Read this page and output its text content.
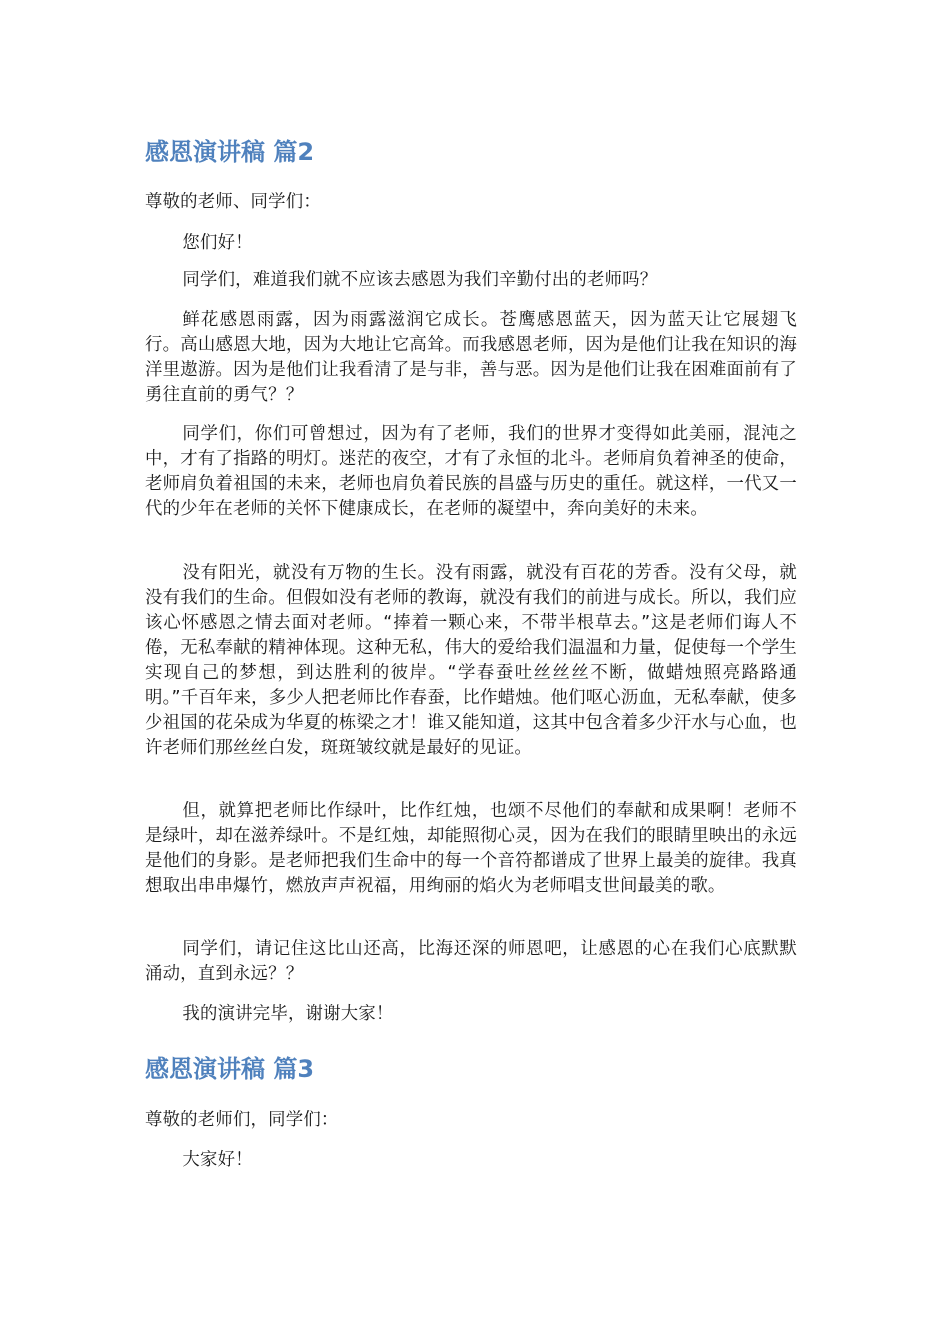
感恩演讲稿 篇2

尊敬的老师、同学们：

您们好！

同学们，难道我们就不应该去感恩为我们辛勤付出的老师吗？

鲜花感恩雨露，因为雨露滋润它成长。苍鹰感恩蓝天，因为蓝天让它展翅飞行。高山感恩大地，因为大地让它高耸。而我感恩老师，因为是他们让我在知识的海洋里遨游。因为是他们让我看清了是与非，善与恶。因为是他们让我在困难面前有了勇往直前的勇气？？

同学们，你们可曾想过，因为有了老师，我们的世界才变得如此美丽，混沌之中，才有了指路的明灯。迷茫的夜空，才有了永恒的北斗。老师肩负着神圣的使命，老师肩负着祖国的未来，老师也肩负着民族的昌盛与历史的重任。就这样，一代又一代的少年在老师的关怀下健康成长，在老师的凝望中，奔向美好的未来。

没有阳光，就没有万物的生长。没有雨露，就没有百花的芳香。没有父母，就没有我们的生命。但假如没有老师的教诲，就没有我们的前进与成长。所以，我们应该心怀感恩之情去面对老师。“捧着一颗心来，不带半根草去。”这是老师们诲人不倦，无私奉献的精神体现。这种无私，伟大的爱给我们温温和力量，促使每一个学生实现自己的梦想，到达胜利的彼岸。“学春蚕吐丝丝丝不断，做蜡烛照亮路路通明。”千百年来，多少人把老师比作春蚕，比作蜡烛。他们呕心沥血，无私奉献，使多少祖国的花朵成为华夏的栋梁之才！谁又能知道，这其中包含着多少汗水与心血，也许老师们那丝丝白发，斑斑皱纹就是最好的见证。

但，就算把老师比作绿叶，比作红烛，也颂不尽他们的奉献和成果啊！老师不是绿叶，却在滋养绿叶。不是红烛，却能照彻心灵，因为在我们的眼睛里映出的永远是他们的身影。是老师把我们生命中的每一个音符都谱成了世界上最美的旋律。我真想取出串串爆竹，燃放声声祝福，用绚丽的焰火为老师唱支世间最美的歌。

同学们，请记住这比山还高，比海还深的师恩吧，让感恩的心在我们心底默默涌动，直到永远？？

我的演讲完毕，谢谢大家！

感恩演讲稿 篇3

尊敬的老师们，同学们：

大家好！
